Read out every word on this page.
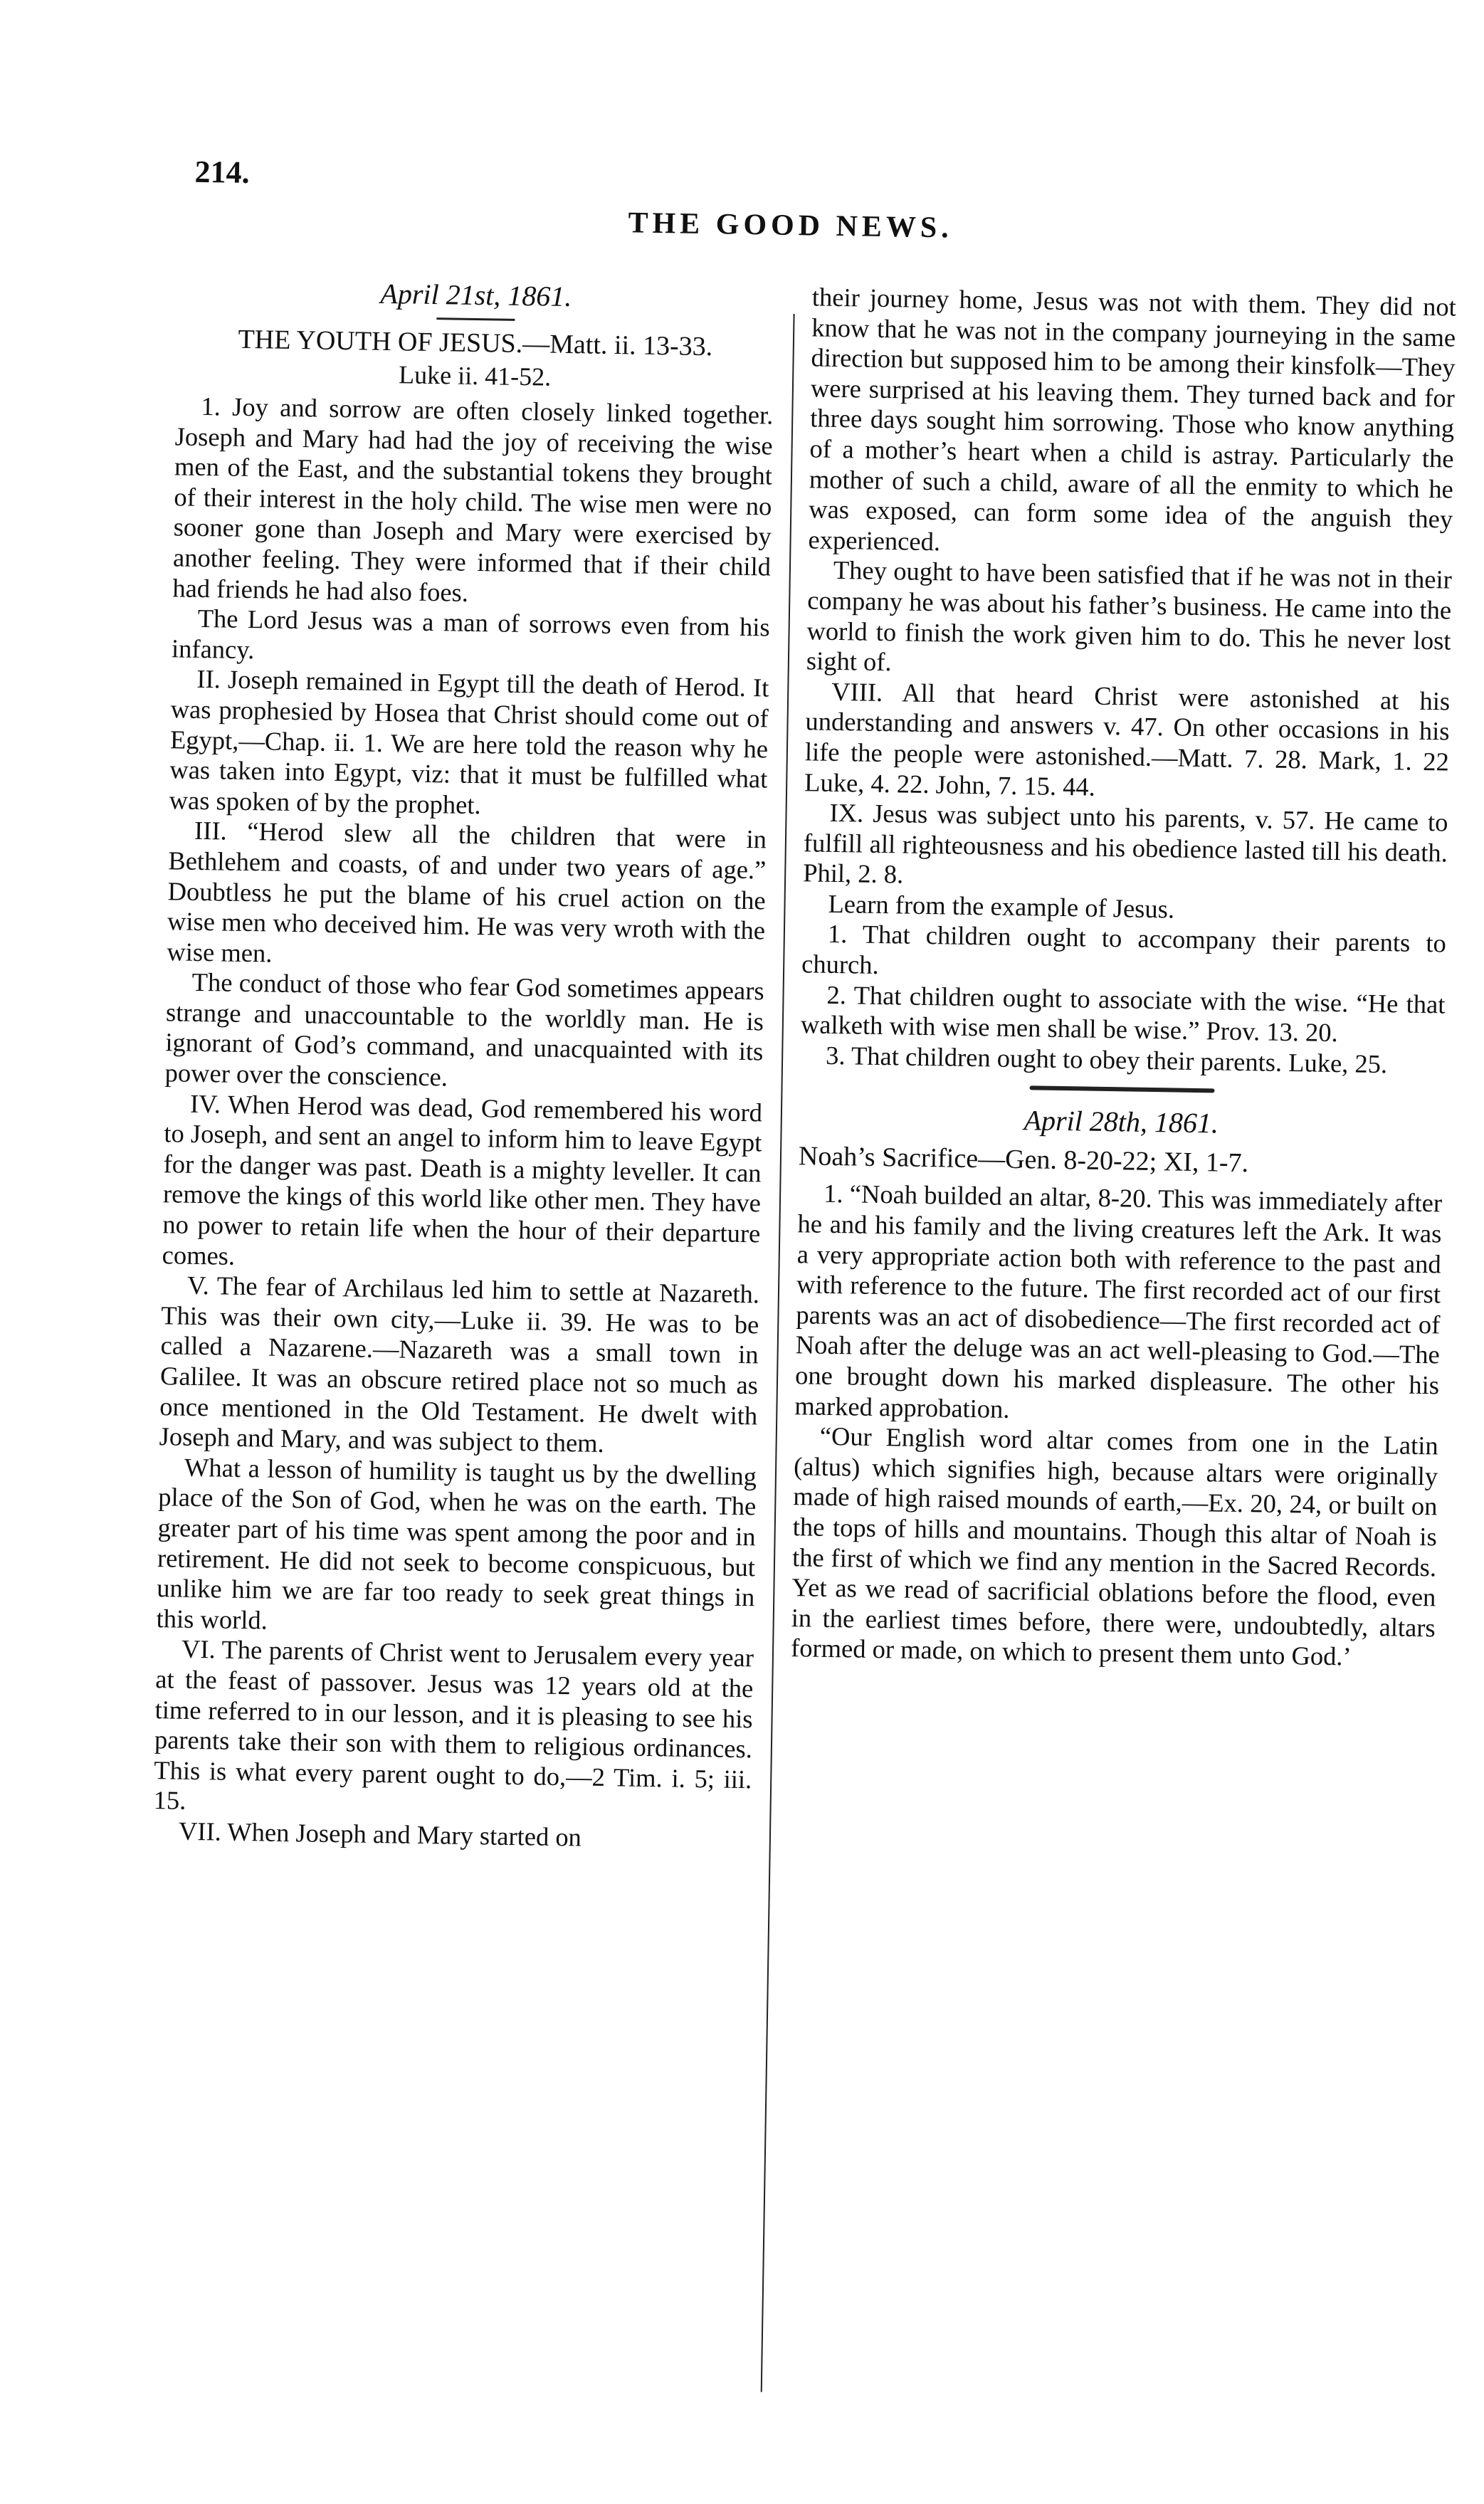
214.
THE GOOD NEWS.
April 21st, 1861.
THE YOUTH OF JESUS.—Matt. ii. 13-33.
Luke ii. 41-52.

1. Joy and sorrow are often closely linked together. Joseph and Mary had had the joy of receiving the wise men of the East, and the substantial tokens they brought of their interest in the holy child. The wise men were no sooner gone than Joseph and Mary were exercised by another feeling. They were informed that if their child had friends he had also foes.

The Lord Jesus was a man of sorrows even from his infancy.

II. Joseph remained in Egypt till the death of Herod. It was prophesied by Hosea that Christ should come out of Egypt,—Chap. ii. 1. We are here told the reason why he was taken into Egypt, viz: that it must be fulfilled what was spoken of by the prophet.

III. “Herod slew all the children that were in Bethlehem and coasts, of and under two years of age.” Doubtless he put the blame of his cruel action on the wise men who deceived him. He was very wroth with the wise men.

The conduct of those who fear God sometimes appears strange and unaccountable to the worldly man. He is ignorant of God’s command, and unacquainted with its power over the conscience.

IV. When Herod was dead, God remembered his word to Joseph, and sent an angel to inform him to leave Egypt for the danger was past. Death is a mighty leveller. It can remove the kings of this world like other men. They have no power to retain life when the hour of their departure comes.

V. The fear of Archilaus led him to settle at Nazareth. This was their own city,—Luke ii. 39. He was to be called a Nazarene.—Nazareth was a small town in Galilee. It was an obscure retired place not so much as once mentioned in the Old Testament. He dwelt with Joseph and Mary, and was subject to them.

What a lesson of humility is taught us by the dwelling place of the Son of God, when he was on the earth. The greater part of his time was spent among the poor and in retirement. He did not seek to become conspicuous, but unlike him we are far too ready to seek great things in this world.

VI. The parents of Christ went to Jerusalem every year at the feast of passover. Jesus was 12 years old at the time referred to in our lesson, and it is pleasing to see his parents take their son with them to religious ordinances. This is what every parent ought to do,—2 Tim. i. 5; iii. 15.

VII. When Joseph and Mary started on

their journey home, Jesus was not with them. They did not know that he was not in the company journeying in the same direction but supposed him to be among their kinsfolk—They were surprised at his leaving them. They turned back and for three days sought him sorrowing. Those who know anything of a mother’s heart when a child is astray. Particularly the mother of such a child, aware of all the enmity to which he was exposed, can form some idea of the anguish they experienced.

They ought to have been satisfied that if he was not in their company he was about his father’s business. He came into the world to finish the work given him to do. This he never lost sight of.

VIII. All that heard Christ were astonished at his understanding and answers v. 47. On other occasions in his life the people were astonished.—Matt. 7. 28. Mark, 1. 22 Luke, 4. 22. John, 7. 15. 44.

IX. Jesus was subject unto his parents, v. 57. He came to fulfill all righteousness and his obedience lasted till his death. Phil, 2. 8.

Learn from the example of Jesus.

1. That children ought to accompany their parents to church.

2. That children ought to associate with the wise. “He that walketh with wise men shall be wise.” Prov. 13. 20.

3. That children ought to obey their parents. Luke, 25.

April 28th, 1861.
Noah’s Sacrifice—Gen. 8-20-22; XI, 1-7.

1. “Noah builded an altar, 8-20. This was immediately after he and his family and the living creatures left the Ark. It was a very appropriate action both with reference to the past and with reference to the future. The first recorded act of our first parents was an act of disobedience—The first recorded act of Noah after the deluge was an act well-pleasing to God.—The one brought down his marked displeasure. The other his marked approbation.

“Our English word altar comes from one in the Latin (altus) which signifies high, because altars were originally made of high raised mounds of earth,—Ex. 20, 24, or built on the tops of hills and mountains. Though this altar of Noah is the first of which we find any mention in the Sacred Records. Yet as we read of sacrificial oblations before the flood, even in the earliest times before, there were, undoubtedly, altars formed or made, on which to present them unto God.’
